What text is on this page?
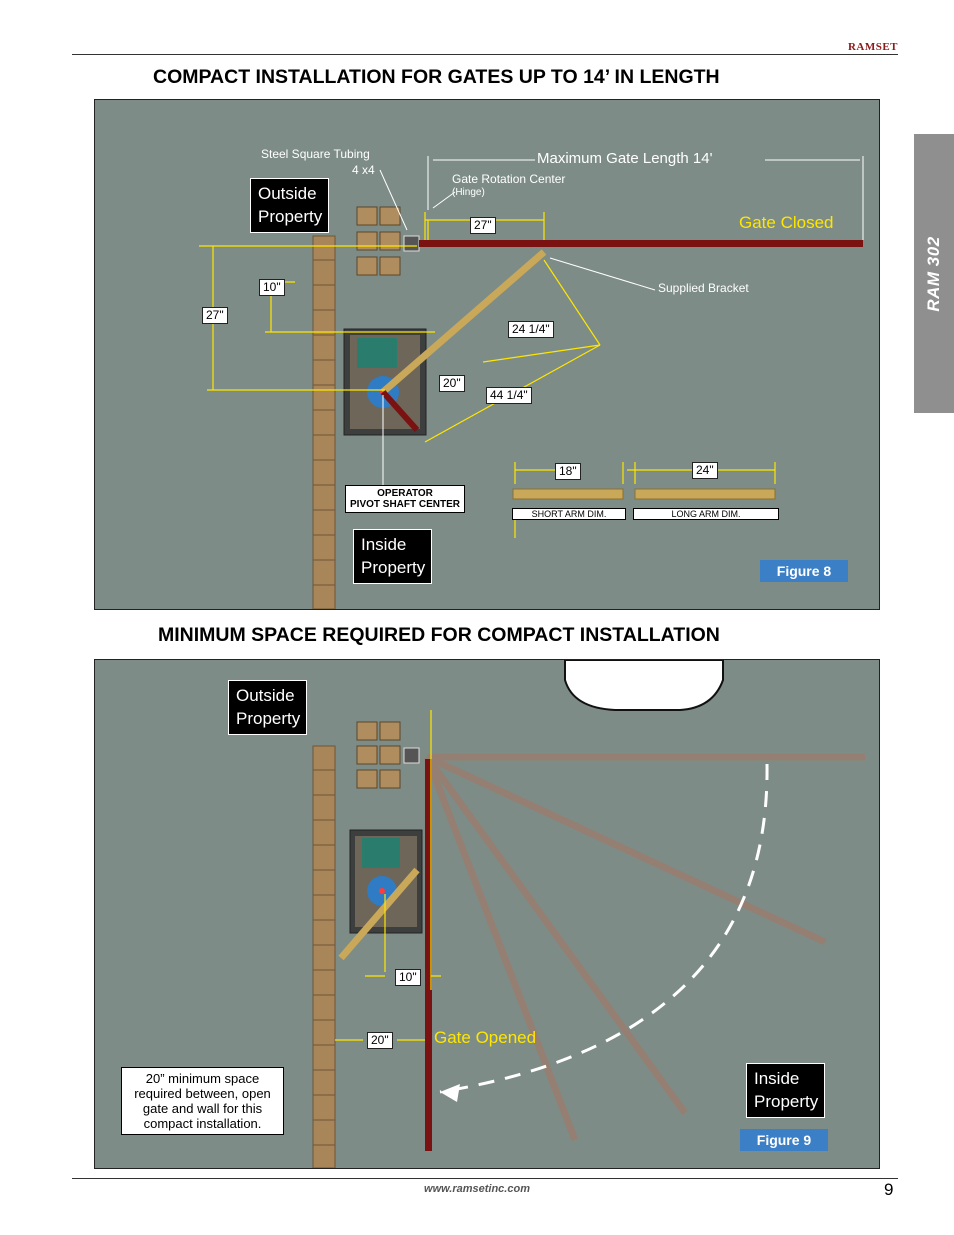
RAMSET
RAM 302
COMPACT INSTALLATION FOR GATES UP TO 14’ IN LENGTH
Outside
Property
Inside
Property
Steel Square Tubing
4 x4
Maximum Gate Length 14'
Gate Rotation Center
(Hinge)
Gate Closed
Supplied Bracket
27"
10"
27"
24 1/4"
20"
44 1/4"
18"	24"
OPERATOR
PIVOT SHAFT CENTER
SHORT ARM DIM.	LONG ARM DIM.
Figure 8
MINIMUM SPACE REQUIRED FOR COMPACT INSTALLATION
Outside
Property
Inside
Property
10"
20"	Gate Opened
20” minimum space
required between, open
gate and wall for this
compact installation.
Figure 9
www.ramsetinc.com	9
